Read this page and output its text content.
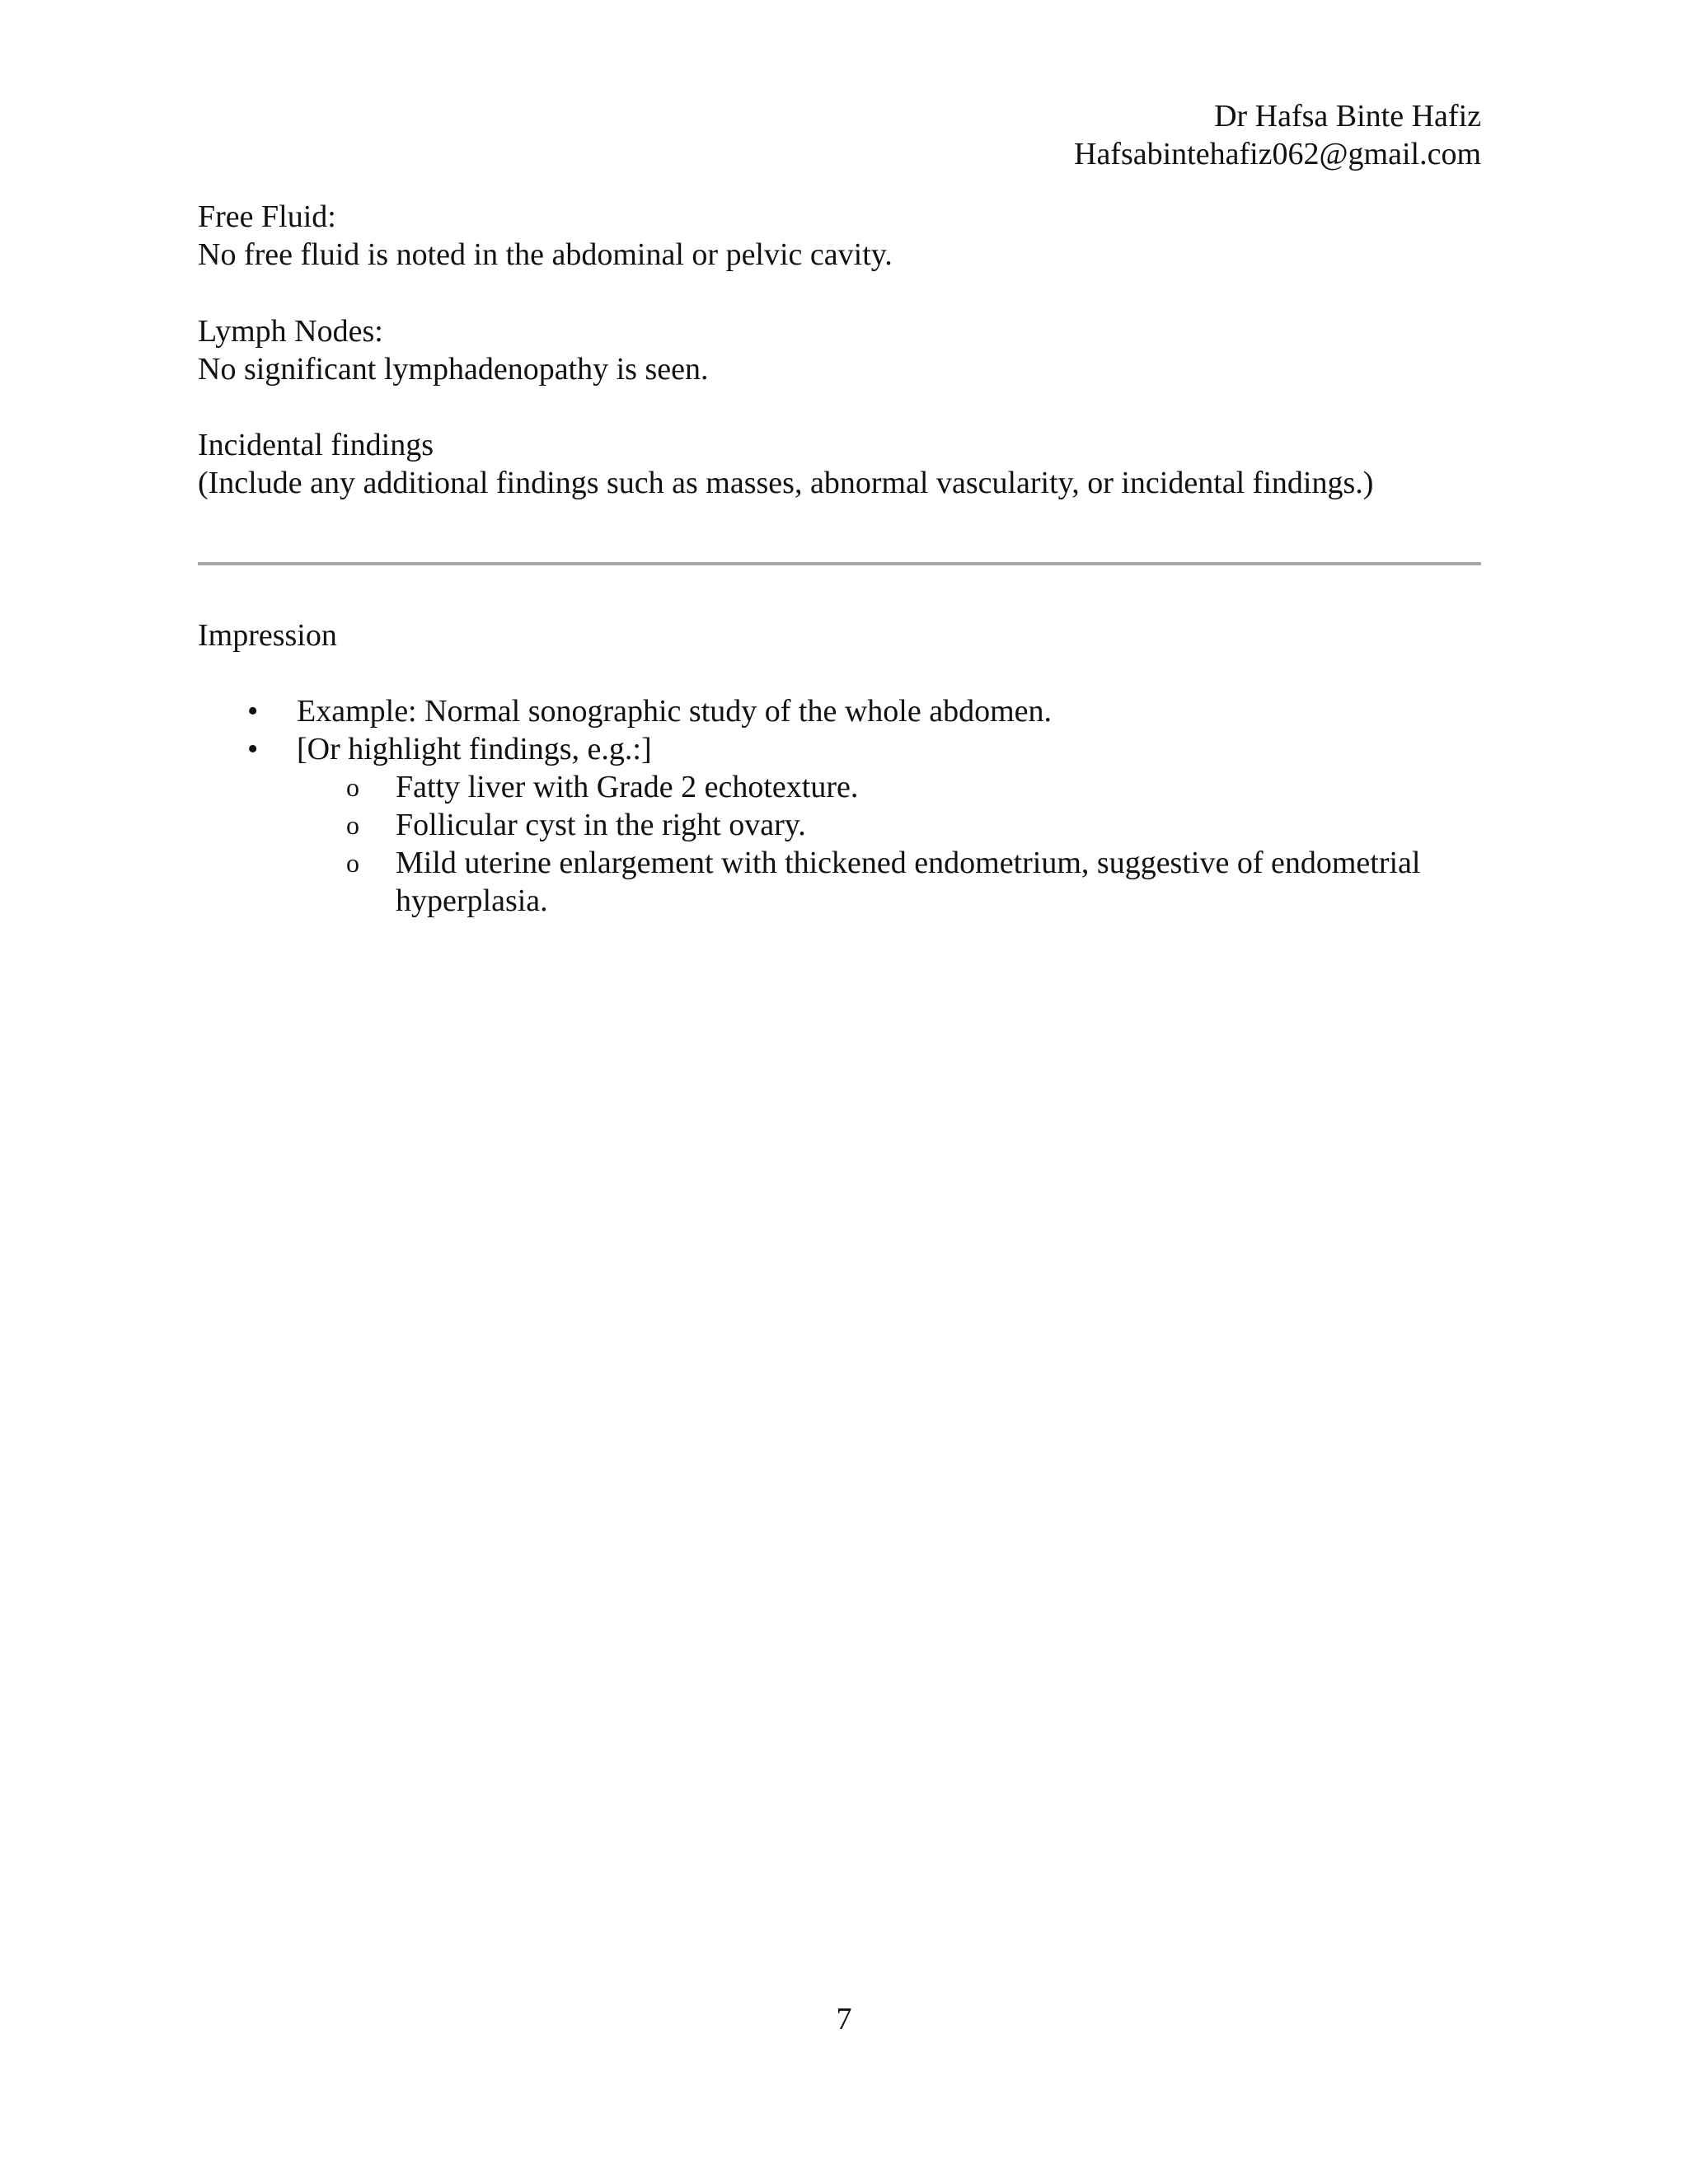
Dr Hafsa Binte Hafiz
Hafsabintehafiz062@gmail.com
Free Fluid:
No free fluid is noted in the abdominal or pelvic cavity.
Lymph Nodes:
No significant lymphadenopathy is seen.
Incidental findings
(Include any additional findings such as masses, abnormal vascularity, or incidental findings.)
Impression
•	Example: Normal sonographic study of the whole abdomen.
•	[Or highlight findings, e.g.:]
o Fatty liver with Grade 2 echotexture.
o Follicular cyst in the right ovary.
o Mild uterine enlargement with thickened endometrium, suggestive of endometrial hyperplasia.
7
